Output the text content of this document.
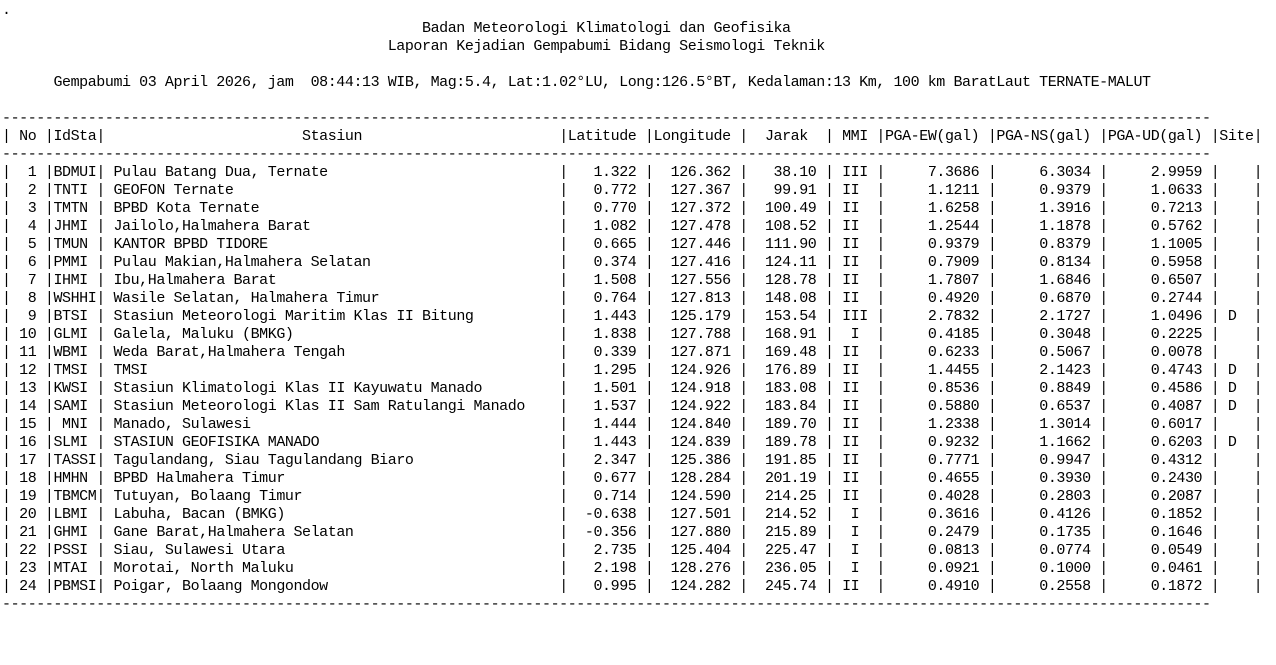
.
Badan Meteorologi Klimatologi dan Geofisika
Laporan Kejadian Gempabumi Bidang Seismologi Teknik

Gempabumi 03 April 2026, jam  08:44:13 WIB, Mag:5.4, Lat:1.02°LU, Long:126.5°BT, Kedalaman:13 Km, 100 km BaratLaut TERNATE-MALUT

---------------------------------------------------------------------------------------------------------------------------------------------
| No |IdSta|                       Stasiun                       |Latitude |Longitude |  Jarak  | MMI |PGA-EW(gal) |PGA-NS(gal) |PGA-UD(gal) |Site|
---------------------------------------------------------------------------------------------------------------------------------------------
|  1 |BDMUI| Pulau Batang Dua, Ternate                           |   1.322 |  126.362 |   38.10 | III |     7.3686 |     6.3034 |     2.9959 | |
|  2 |TNTI | GEOFON Ternate                                      |   0.772 |  127.367 |   99.91 | II  |     1.1211 |     0.9379 |     1.0633 | |
|  3 |TMTN | BPBD Kota Ternate                                   |   0.770 |  127.372 |  100.49 | II  |     1.6258 |     1.3916 |     0.7213 | |
|  4 |JHMI | Jailolo,Halmahera Barat                             |   1.082 |  127.478 |  108.52 | II  |     1.2544 |     1.1878 |     0.5762 | |
|  5 |TMUN | KANTOR BPBD TIDORE                                  |   0.665 |  127.446 |  111.90 | II  |     0.9379 |     0.8379 |     1.1005 | |
|  6 |PMMI | Pulau Makian,Halmahera Selatan                      |   0.374 |  127.416 |  124.11 | II  |     0.7909 |     0.8134 |     0.5958 | |
|  7 |IHMI | Ibu,Halmahera Barat                                 |   1.508 |  127.556 |  128.78 | II  |     1.7807 |     1.6846 |     0.6507 | |
|  8 |WSHHI| Wasile Selatan, Halmahera Timur                     |   0.764 |  127.813 |  148.08 | II  |     0.4920 |     0.6870 |     0.2744 | |
|  9 |BTSI | Stasiun Meteorologi Maritim Klas II Bitung          |   1.443 |  125.179 |  153.54 | III |     2.7832 |     2.1727 |     1.0496 | D  |
| 10 |GLMI | Galela, Maluku (BMKG)                               |   1.838 |  127.788 |  168.91 |  I  |     0.4185 |     0.3048 |     0.2225 | |
| 11 |WBMI | Weda Barat,Halmahera Tengah                         |   0.339 |  127.871 |  169.48 | II  |     0.6233 |     0.5067 |     0.0078 | |
| 12 |TMSI | TMSI                                                |   1.295 |  124.926 |  176.89 | II  |     1.4455 |     2.1423 |     0.4743 | D  |
| 13 |KWSI | Stasiun Klimatologi Klas II Kayuwatu Manado         |   1.501 |  124.918 |  183.08 | II  |     0.8536 |     0.8849 |     0.4586 | D  |
| 14 |SAMI | Stasiun Meteorologi Klas II Sam Ratulangi Manado    |   1.537 |  124.922 |  183.84 | II  |     0.5880 |     0.6537 |     0.4087 | D  |
| 15 | MNI | Manado, Sulawesi                                    |   1.444 |  124.840 |  189.70 | II  |     1.2338 |     1.3014 |     0.6017 | |
| 16 |SLMI | STASIUN GEOFISIKA MANADO                            |   1.443 |  124.839 |  189.78 | II  |     0.9232 |     1.1662 |     0.6203 | D  |
| 17 |TASSI| Tagulandang, Siau Tagulandang Biaro                 |   2.347 |  125.386 |  191.85 | II  |     0.7771 |     0.9947 |     0.4312 | |
| 18 |HMHN | BPBD Halmahera Timur                                |   0.677 |  128.284 |  201.19 | II  |     0.4655 |     0.3930 |     0.2430 | |
| 19 |TBMCM| Tutuyan, Bolaang Timur                              |   0.714 |  124.590 |  214.25 | II  |     0.4028 |     0.2803 |     0.2087 | |
| 20 |LBMI | Labuha, Bacan (BMKG)                                |  -0.638 |  127.501 |  214.52 |  I  |     0.3616 |     0.4126 |     0.1852 | |
| 21 |GHMI | Gane Barat,Halmahera Selatan                        |  -0.356 |  127.880 |  215.89 |  I  |     0.2479 |     0.1735 |     0.1646 | |
| 22 |PSSI | Siau, Sulawesi Utara                                |   2.735 |  125.404 |  225.47 |  I  |     0.0813 |     0.0774 |     0.0549 | |
| 23 |MTAI | Morotai, North Maluku                               |   2.198 |  128.276 |  236.05 |  I  |     0.0921 |     0.1000 |     0.0461 | |
| 24 |PBMSI| Poigar, Bolaang Mongondow                           |   0.995 |  124.282 |  245.74 | II  |     0.4910 |     0.2558 |     0.1872 | |
---------------------------------------------------------------------------------------------------------------------------------------------
